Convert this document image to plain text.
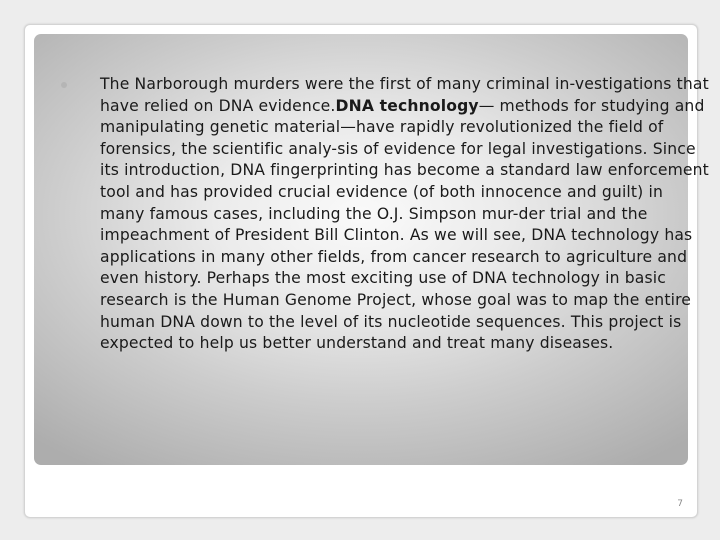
The Narborough murders were the first of many criminal in-vestigations that have relied on DNA evidence.DNA technology— methods for studying and manipulating genetic material—have rapidly revolutionized the field of forensics, the scientific analy-sis of evidence for legal investigations. Since its introduction, DNA fingerprinting has become a standard law enforcement tool and has provided crucial evidence (of both innocence and guilt) in many famous cases, including the O.J. Simpson mur-der trial and the impeachment of President Bill Clinton. As we will see, DNA technology has applications in many other fields, from cancer research to agriculture and even history. Perhaps the most exciting use of DNA technology in basic research is the Human Genome Project, whose goal was to map the entire human DNA down to the level of its nucleotide sequences. This project is expected to help us better understand and treat many diseases.

7
